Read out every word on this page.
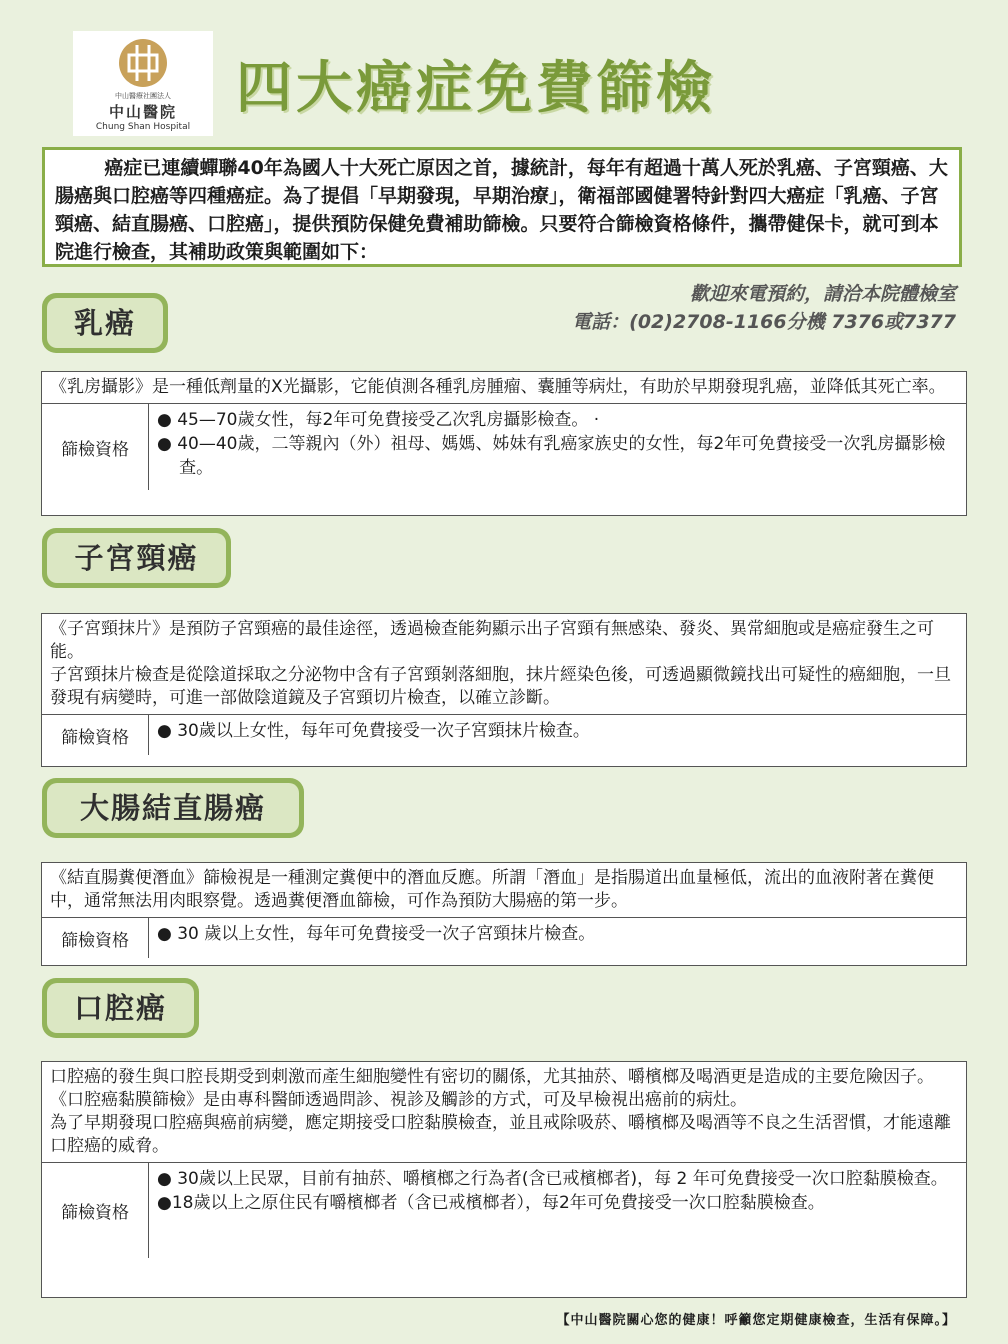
中山醫療社團法人
中山醫院
Chung Shan Hospital
四大癌症免費篩檢

癌症已連續蟬聯40年為國人十大死亡原因之首，據統計，每年有超過十萬人死於乳癌、子宮頸癌、大腸癌與口腔癌等四種癌症。為了提倡「早期發現，早期治療」，衛福部國健署特針對四大癌症「乳癌、子宮頸癌、結直腸癌、口腔癌」，提供預防保健免費補助篩檢。只要符合篩檢資格條件，攜帶健保卡，就可到本院進行檢查，其補助政策與範圍如下：

歡迎來電預約，請洽本院體檢室
電話：(02)2708-1166分機 7376或7377
乳癌

《乳房攝影》是一種低劑量的X光攝影，它能偵測各種乳房腫瘤、囊腫等病灶，有助於早期發現乳癌，並降低其死亡率。

篩檢資格
● 45—70歲女性，每2年可免費接受乙次乳房攝影檢查。 ·
● 40—40歲，二等親內（外）祖母、媽媽、姊妹有乳癌家族史的女性，每2年可免費接受一次乳房攝影檢查。
子宮頸癌

《子宮頸抹片》是預防子宮頸癌的最佳途徑，透過檢查能夠顯示出子宮頸有無感染、發炎、異常細胞或是癌症發生之可能。

子宮頸抹片檢查是從陰道採取之分泌物中含有子宮頸剝落細胞，抹片經染色後，可透過顯微鏡找出可疑性的癌細胞，一旦發現有病變時，可進一部做陰道鏡及子宮頸切片檢查，以確立診斷。

篩檢資格	● 30歲以上女性，每年可免費接受一次子宮頸抹片檢查。
大腸結直腸癌

《結直腸糞便潛血》篩檢視是一種測定糞便中的潛血反應。所謂「潛血」是指腸道出血量極低，流出的血液附著在糞便中，通常無法用肉眼察覺。透過糞便潛血篩檢，可作為預防大腸癌的第一步。

篩檢資格	● 30 歲以上女性，每年可免費接受一次子宮頸抹片檢查。
口腔癌

口腔癌的發生與口腔長期受到刺激而產生細胞變性有密切的關係，尤其抽菸、嚼檳榔及喝酒更是造成的主要危險因子。

《口腔癌黏膜篩檢》是由專科醫師透過問診、視診及觸診的方式，可及早檢視出癌前的病灶。

為了早期發現口腔癌與癌前病變，應定期接受口腔黏膜檢查，並且戒除吸菸、嚼檳榔及喝酒等不良之生活習慣，才能遠離口腔癌的威脅。

篩檢資格
● 30歲以上民眾，目前有抽菸、嚼檳榔之行為者(含已戒檳榔者)，每 2 年可免費接受一次口腔黏膜檢查。
●18歲以上之原住民有嚼檳榔者（含已戒檳榔者），每2年可免費接受一次口腔黏膜檢查。
【中山醫院關心您的健康！呼籲您定期健康檢查，生活有保障。】
